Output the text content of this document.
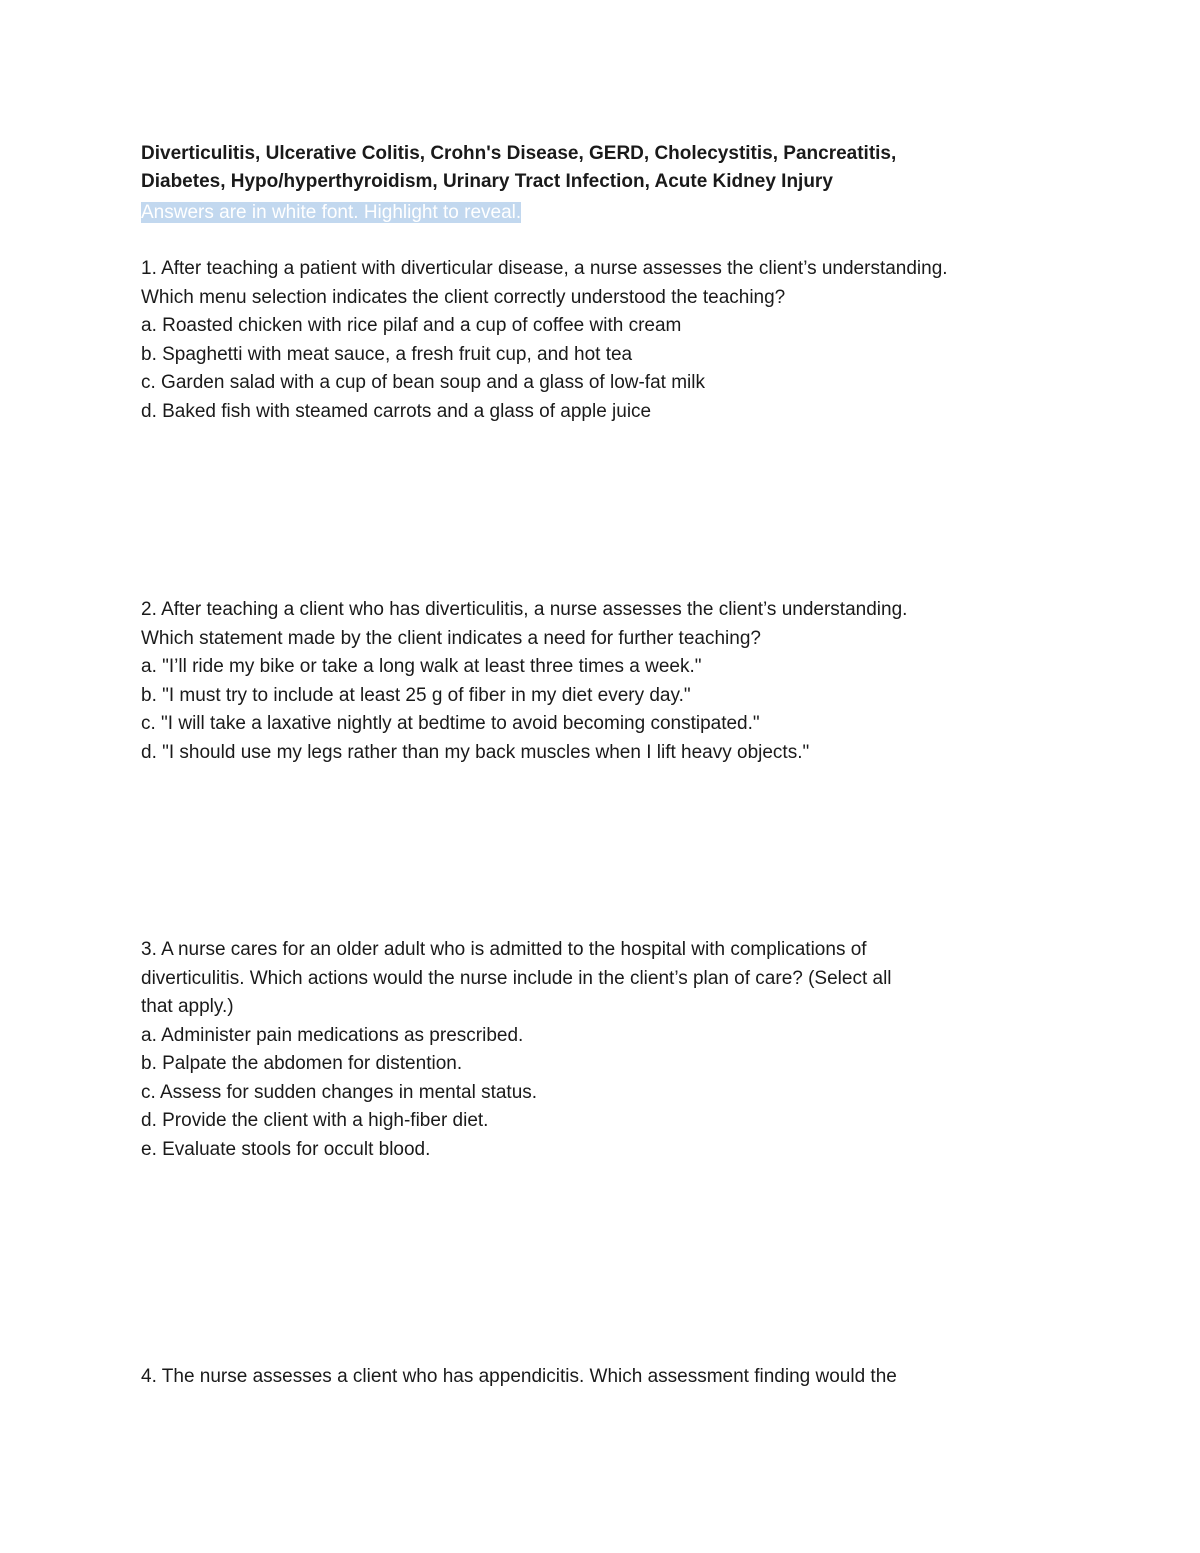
Diverticulitis, Ulcerative Colitis, Crohn's Disease, GERD, Cholecystitis, Pancreatitis,
Diabetes, Hypo/hyperthyroidism, Urinary Tract Infection, Acute Kidney Injury
Answers are in white font. Highlight to reveal.
1. After teaching a patient with diverticular disease, a nurse assesses the client’s understanding.
Which menu selection indicates the client correctly understood the teaching?
a. Roasted chicken with rice pilaf and a cup of coffee with cream
b. Spaghetti with meat sauce, a fresh fruit cup, and hot tea
c. Garden salad with a cup of bean soup and a glass of low-fat milk
d. Baked fish with steamed carrots and a glass of apple juice
2. After teaching a client who has diverticulitis, a nurse assesses the client’s understanding.
Which statement made by the client indicates a need for further teaching?
a. "I’ll ride my bike or take a long walk at least three times a week."
b. "I must try to include at least 25 g of fiber in my diet every day."
c. "I will take a laxative nightly at bedtime to avoid becoming constipated."
d. "I should use my legs rather than my back muscles when I lift heavy objects."
3. A nurse cares for an older adult who is admitted to the hospital with complications of
diverticulitis. Which actions would the nurse include in the client’s plan of care? (Select all
that apply.)
a. Administer pain medications as prescribed.
b. Palpate the abdomen for distention.
c. Assess for sudden changes in mental status.
d. Provide the client with a high-fiber diet.
e. Evaluate stools for occult blood.
4. The nurse assesses a client who has appendicitis. Which assessment finding would the
